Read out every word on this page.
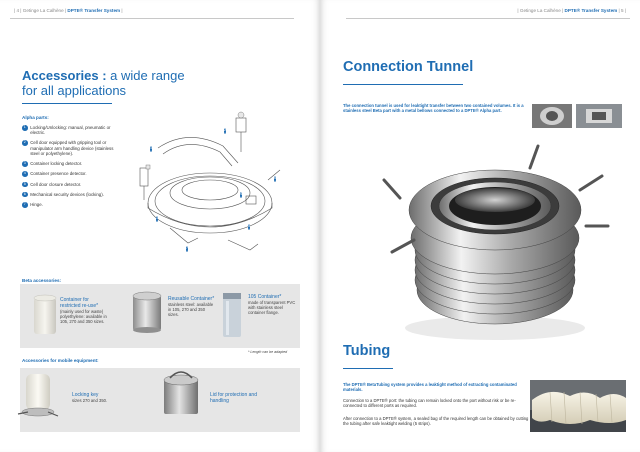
| 4 | Getinge La Calhène | DPTE® Transfer System |
Accessories : a wide range
for all applications
Alpha parts:
1 Locking/Unlocking: manual, pneumatic or electric.
2 Cell door equipped with gripping tool or manipulator arm handling device (stainless steel or polyethylene).
3 Container locking detector.
4 Container presence detector.
5 Cell door closure detector.
6 Mechanical security devices (locking).
7 Hinge.
1
2
3
4
5
6
7
Beta accessories:
Container for restricted re-use*
(mainly used for waste) polyethylene: available in 105, 270 and 350 sizes.
Reusable Container*
stainless steel: available in 105, 270 and 350 sizes.
105 Container*
made of transparent PVC with stainless steel container flange.
* Length can be adapted
Accessories for mobile equipment:
Locking key
sizes 270 and 350.
Lid for protection and handling
| Getinge La Calhène | DPTE® Transfer System | 5 |
Connection Tunnel
The connection tunnel is used for leaktight transfer between two contained volumes. It is a stainless steel Beta part with a metal bellows connected to a DPTE® Alpha part.
Tubing
The DPTE® BetaTubing system provides a leaktight method of extracting contaminated materials.
Connection to a DPTE® port: the tubing can remain locked onto the port without risk or be re-connected to different ports as required.
After connection to a DPTE® system, a sealed bag of the required length can be obtained by cutting the tubing after safe leaktight welding (5 strips).
